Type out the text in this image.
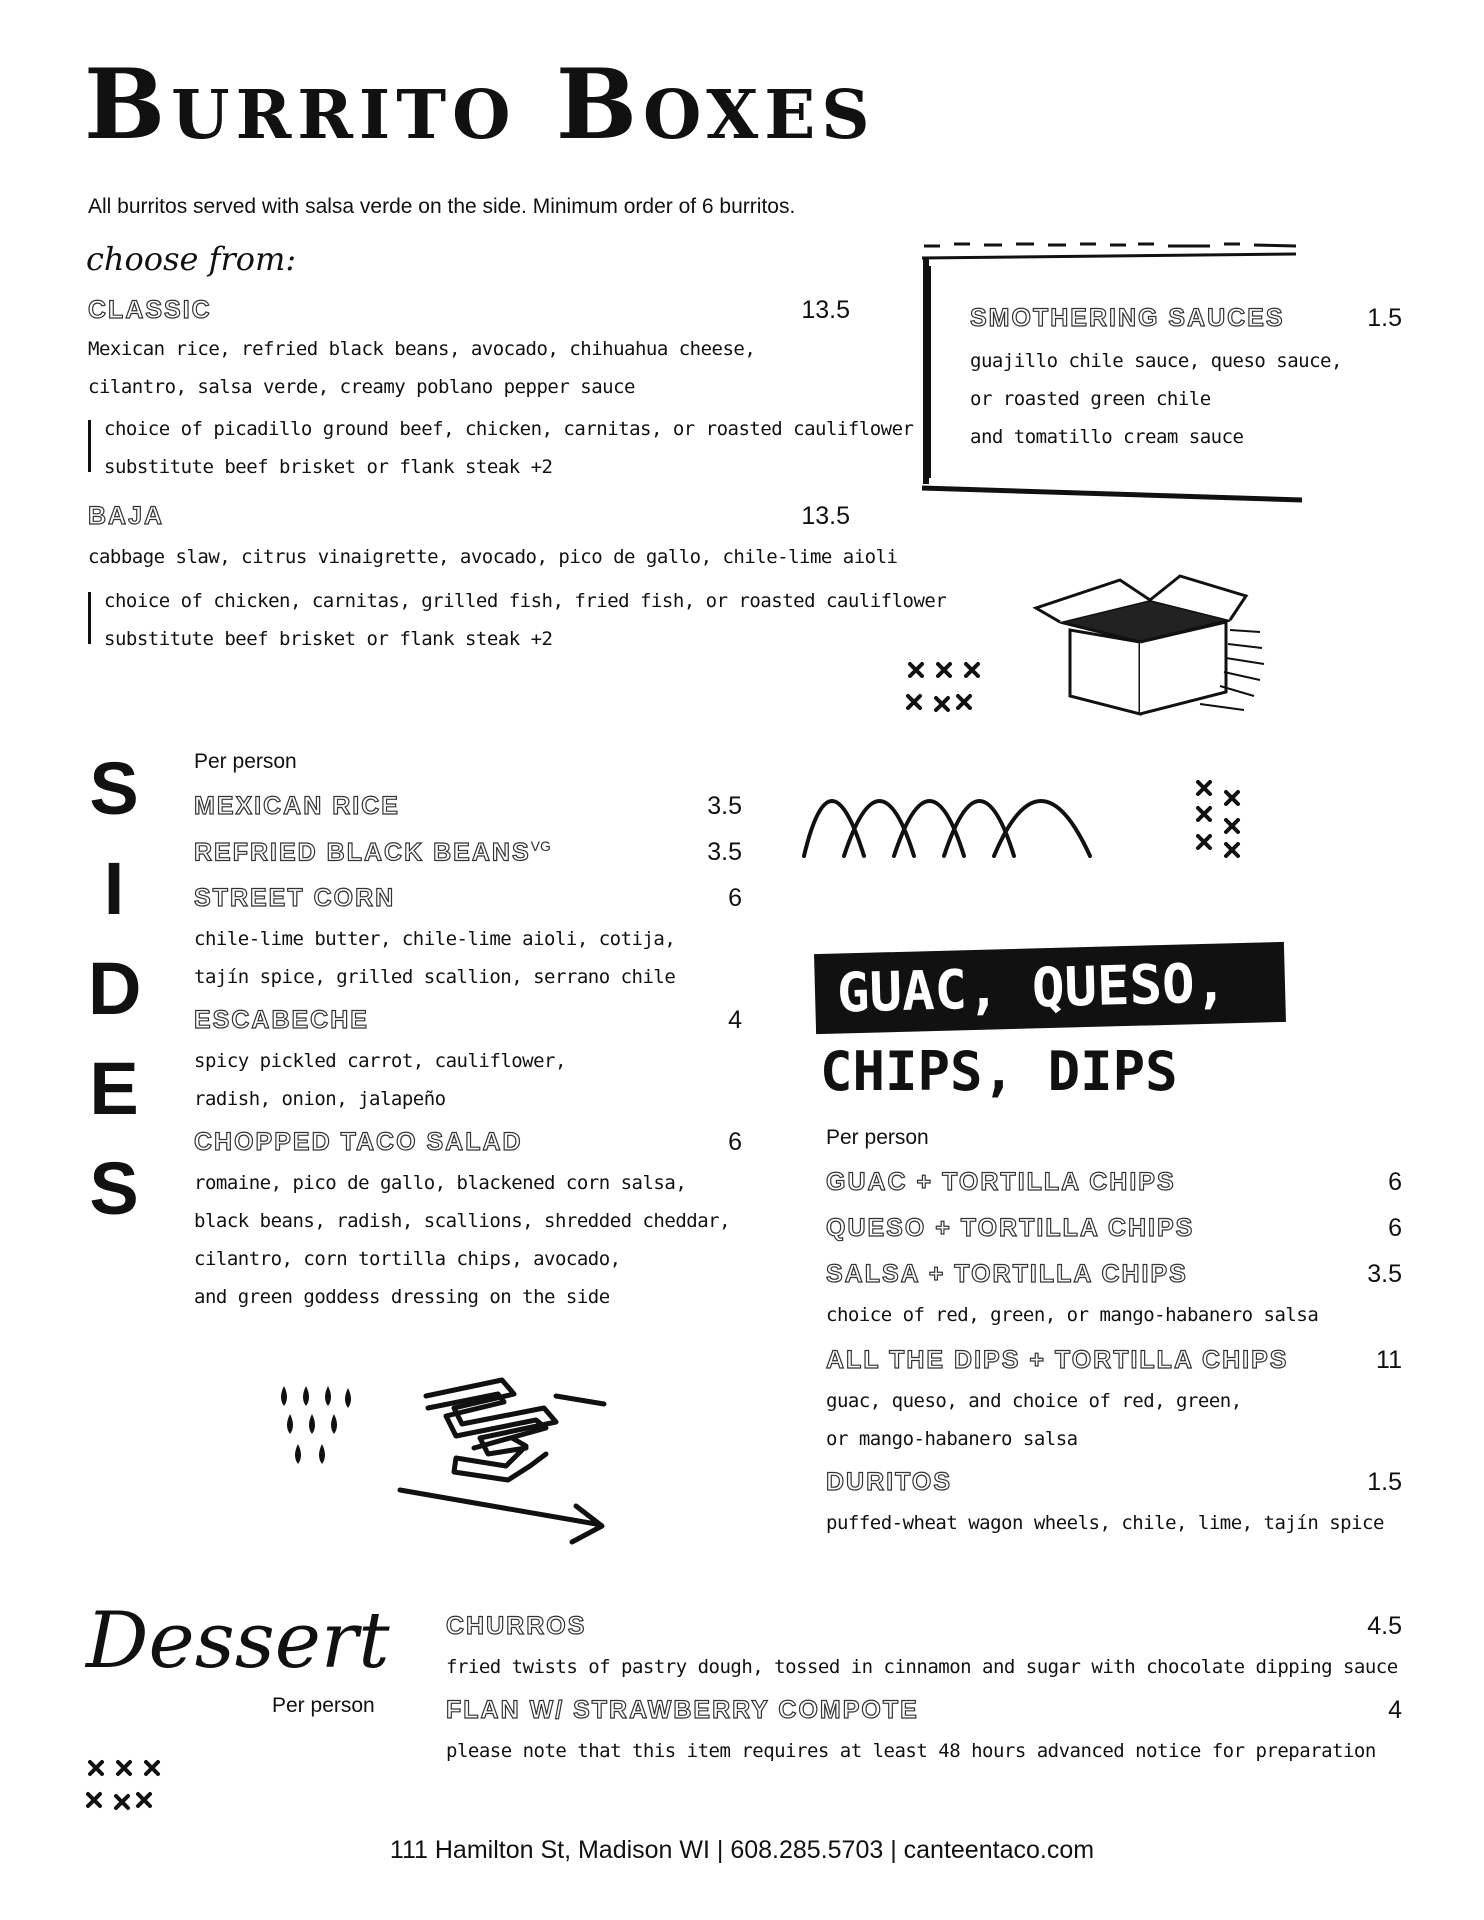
Burrito Boxes
All burritos served with salsa verde on the side. Minimum order of 6 burritos.
choose from:
CLASSIC	13.5
Mexican rice, refried black beans, avocado, chihuahua cheese,
cilantro, salsa verde, creamy poblano pepper sauce
choice of picadillo ground beef, chicken, carnitas, or roasted cauliflower
substitute beef brisket or flank steak +2
BAJA	13.5
cabbage slaw, citrus vinaigrette, avocado, pico de gallo, chile-lime aioli
choice of chicken, carnitas, grilled fish, fried fish, or roasted cauliflower
substitute beef brisket or flank steak +2
SMOTHERING SAUCES	1.5
guajillo chile sauce, queso sauce,
or roasted green chile
and tomatillo cream sauce
S
I
D
E
S
Per person
MEXICAN RICE	3.5
REFRIED BLACK $BEANS^{VG}$	3.5
STREET CORN	6
chile-lime butter, chile-lime aioli, cotija,
tajín spice, grilled scallion, serrano chile
ESCABECHE	4
spicy pickled carrot, cauliflower,
radish, onion, jalapeño
CHOPPED TACO SALAD	6
romaine, pico de gallo, blackened corn salsa,
black beans, radish, scallions, shredded cheddar,
cilantro, corn tortilla chips, avocado,
and green goddess dressing on the side
GUAC, QUESO,
CHIPS, DIPS
Per person
GUAC + TORTILLA CHIPS	6
QUESO + TORTILLA CHIPS	6
SALSA + TORTILLA CHIPS	3.5
choice of red, green, or mango-habanero salsa
ALL THE DIPS + TORTILLA CHIPS	11
guac, queso, and choice of red, green,
or mango-habanero salsa
DURITOS	1.5
puffed-wheat wagon wheels, chile, lime, tajín spice
Dessert
Per person
CHURROS	4.5
fried twists of pastry dough, tossed in cinnamon and sugar with chocolate dipping sauce
FLAN W/ STRAWBERRY COMPOTE	4
please note that this item requires at least 48 hours advanced notice for preparation
111 Hamilton St, Madison WI | 608.285.5703 | canteentaco.com
